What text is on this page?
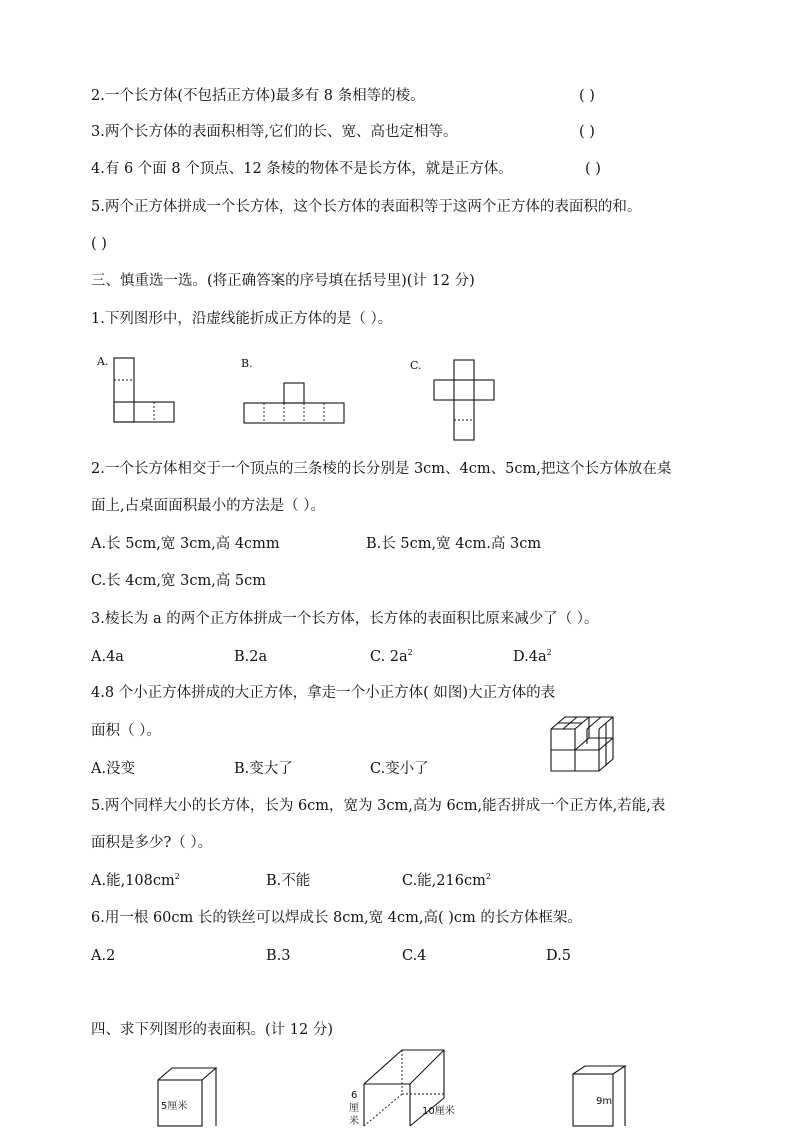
2.一个长方体(不包括正方体)最多有 8 条相等的棱。	( )
3.两个长方体的表面积相等,它们的长、宽、高也定相等。	( )
4.有 6 个面 8 个顶点、12 条棱的物体不是长方体，就是正方体。	( )
5.两个正方体拼成一个长方体，这个长方体的表面积等于这两个正方体的表面积的和。
( )
三、慎重选一选。(将正确答案的序号填在括号里)(计 12 分)
1.下列图形中，沿虚线能折成正方体的是（ ）。
A.	B.	C.
2.一个长方体相交于一个顶点的三条棱的长分别是 3cm、4cm、5cm,把这个长方体放在桌
面上,占桌面面积最小的方法是（ ）。
A.长 5cm,宽 3cm,高 4cmm	B.长 5cm,宽 4cm.高 3cm
C.长 4cm,宽 3cm,高 5cm
3.棱长为 a 的两个正方体拼成一个长方体，长方体的表面积比原来减少了（ ）。
A.4a	B.2a	C. $2a^2$	$D.4a^2$
4.8 个小正方体拼成的大正方体，拿走一个小正方体( 如图)大正方体的表
面积（ ）。
A.没变	B.变大了	C.变小了
5.两个同样大小的长方体，长为 6cm，宽为 3cm,高为 6cm,能否拼成一个正方体,若能,表
面积是多少?（ ）。
A.能$,108cm^2$	B.不能	C.能$,216cm^2$
6.用一根 60cm 长的铁丝可以焊成长 8cm,宽 4cm,高( )cm 的长方体框架。
A.2	B.3	C.4	D.5
四、求下列图形的表面积。(计 12 分)
5厘米
6
厘
米
10厘米
9m
